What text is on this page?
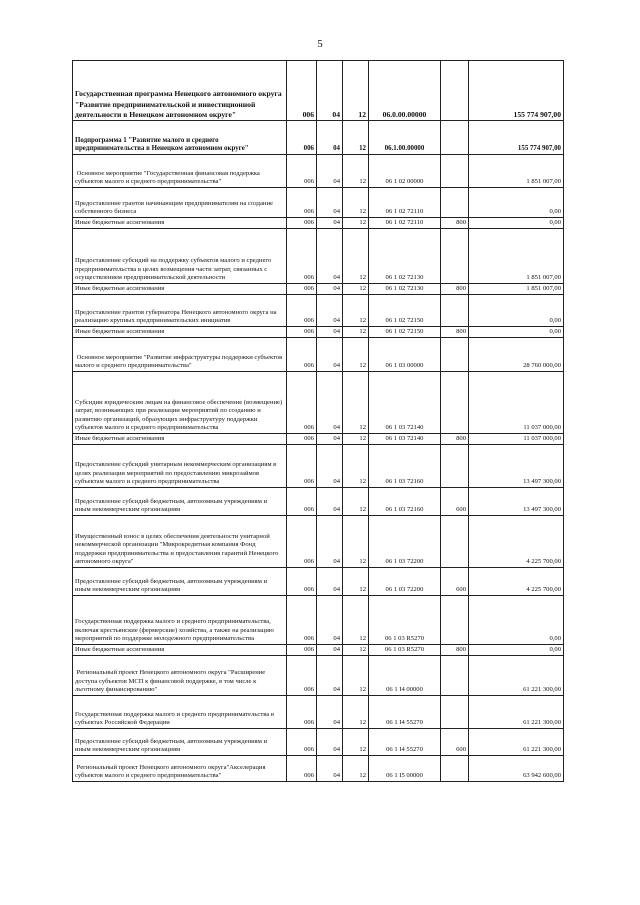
5
Государственная программа Ненецкого автономного округа "Развитие предпринимательской и инвестиционной деятельности в Ненецком автономном округе"	006	04	12	06.0.00.00000		155 774 907,00
Подпрограмма 1 "Развитие малого и среднего предпринимательства в Ненецком автономном округе"	006	04	12	06.1.00.00000		155 774 907,00
Основное мероприятие "Государственная финансовая поддержка субъектов малого и среднего предпринимательства"	006	04	12	06 1 02 00000		1 851 007,00

Предоставление грантов начинающим предпринимателям на создание собственного бизнеса	006	04	12	06 1 02 72110		0,00
Иные бюджетные ассигнования	006	04	12	06 1 02 72110	800	0,00

Предоставление субсидий на поддержку субъектов малого и среднего предпринимательства в целях возмещения части затрат, связанных с осуществлением предпринимательской деятельности	006	04	12	06 1 02 72130		1 851 007,00
Иные бюджетные ассигнования	006	04	12	06 1 02 72130	800	1 851 007,00
Предоставление грантов губернатора Ненецкого автономного округа на реализацию крупных предпринимательских инициатив	006	04	12	06 1 02 72150		0,00
Иные бюджетные ассигнования	006	04	12	06 1 02 72150	800	0,00
Основное мероприятие "Развитие инфраструктуры поддержки субъектов малого и среднего предпринимательства"	006	04	12	06 1 03 00000		28 760 000,00

Субсидии юридическим лицам на финансовое обеспечение (возмещение) затрат, возникающих при реализации мероприятий по созданию и развитию организаций, образующих инфраструктуру поддержки субъектов малого и среднего предпринимательства	006	04	12	06 1 03 72140		11 037 000,00
Иные бюджетные ассигнования	006	04	12	06 1 03 72140	800	11 037 000,00
Предоставление субсидий унитарным некоммерческим организациям в целях реализации мероприятий по предоставлению микрозаймов субъектам малого и среднего предпринимательства	006	04	12	06 1 03 72160		13 497 300,00

Предоставление субсидий бюджетным, автономным учреждениям и иным некоммерческим организациям	006	04	12	06 1 03 72160	600	13 497 300,00
Имущественный взнос в целях обеспечения деятельности унитарной некоммерческой организации "Микрокредитная компания Фонд поддержки предпринимательства и предоставления гарантий Ненецкого автономного округа"	006	04	12	06 1 03 72200		4 225 700,00

Предоставление субсидий бюджетным, автономным учреждениям и иным некоммерческим организациям	006	04	12	06 1 03 72200	600	4 225 700,00
Государственная поддержка малого и среднего предпринимательства, включая крестьянские (фермерские) хозяйства, а также на реализацию мероприятий по поддержке молодежного предпринимательства	006	04	12	06 1 03 R5270		0,00
Иные бюджетные ассигнования	006	04	12	06 1 03 R5270	800	0,00

Региональный проект Ненецкого автономного округа "Расширение доступа субъектов МСП к финансовой поддержке, в том числе к льготному финансированию"	006	04	12	06 1 I4 00000		61 221 300,00
Государственная поддержка малого и среднего предпринимательства в субъектах Российской Федерации	006	04	12	06 1 I4 55270		61 221 300,00

Предоставление субсидий бюджетным, автономным учреждениям и иным некоммерческим организациям	006	04	12	06 1 I4 55270	600	61 221 300,00
Региональный проект Ненецкого автономного округа"Акселерация субъектов малого и среднего предпринимательства"	006	04	12	06 1 I5 00000		63 942 600,00
